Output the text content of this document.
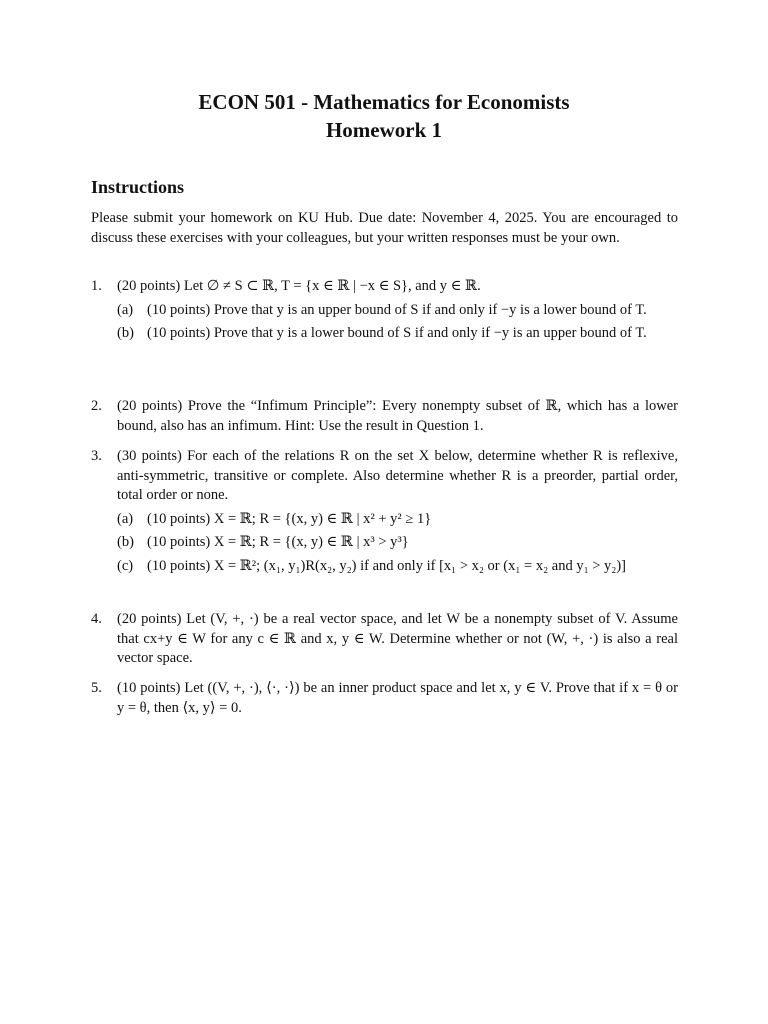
ECON 501 - Mathematics for Economists
Homework 1
Instructions
Please submit your homework on KU Hub. Due date: November 4, 2025. You are encouraged to discuss these exercises with your colleagues, but your written responses must be your own.
1.	(20 points) Let ∅ ≠ S ⊂ ℝ, T = {x ∈ ℝ | −x ∈ S}, and y ∈ ℝ.
(a) (10 points) Prove that y is an upper bound of S if and only if −y is a lower bound of T.
(b) (10 points) Prove that y is a lower bound of S if and only if −y is an upper bound of T.
2.	(20 points) Prove the “Infimum Principle”: Every nonempty subset of ℝ, which has a lower bound, also has an infimum. Hint: Use the result in Question 1.
3.	(30 points) For each of the relations R on the set X below, determine whether R is reflexive, anti-symmetric, transitive or complete. Also determine whether R is a preorder, partial order, total order or none.
(a) (10 points) X = ℝ; R = {(x, y) ∈ ℝ | x² + y² ≥ 1}
(b) (10 points) X = ℝ; R = {(x, y) ∈ ℝ | x³ > y³}
(c) (10 points) X = ℝ²; (x₁, y₁)R(x₂, y₂) if and only if [x₁ > x₂ or (x₁ = x₂ and y₁ > y₂)]
4.	(20 points) Let (V, +, ·) be a real vector space, and let W be a nonempty subset of V. Assume that cx+y ∈ W for any c ∈ ℝ and x, y ∈ W. Determine whether or not (W, +, ·) is also a real vector space.
5.	(10 points) Let ((V, +, ·), ⟨·, ·⟩) be an inner product space and let x, y ∈ V. Prove that if x = θ or y = θ, then ⟨x, y⟩ = 0.
